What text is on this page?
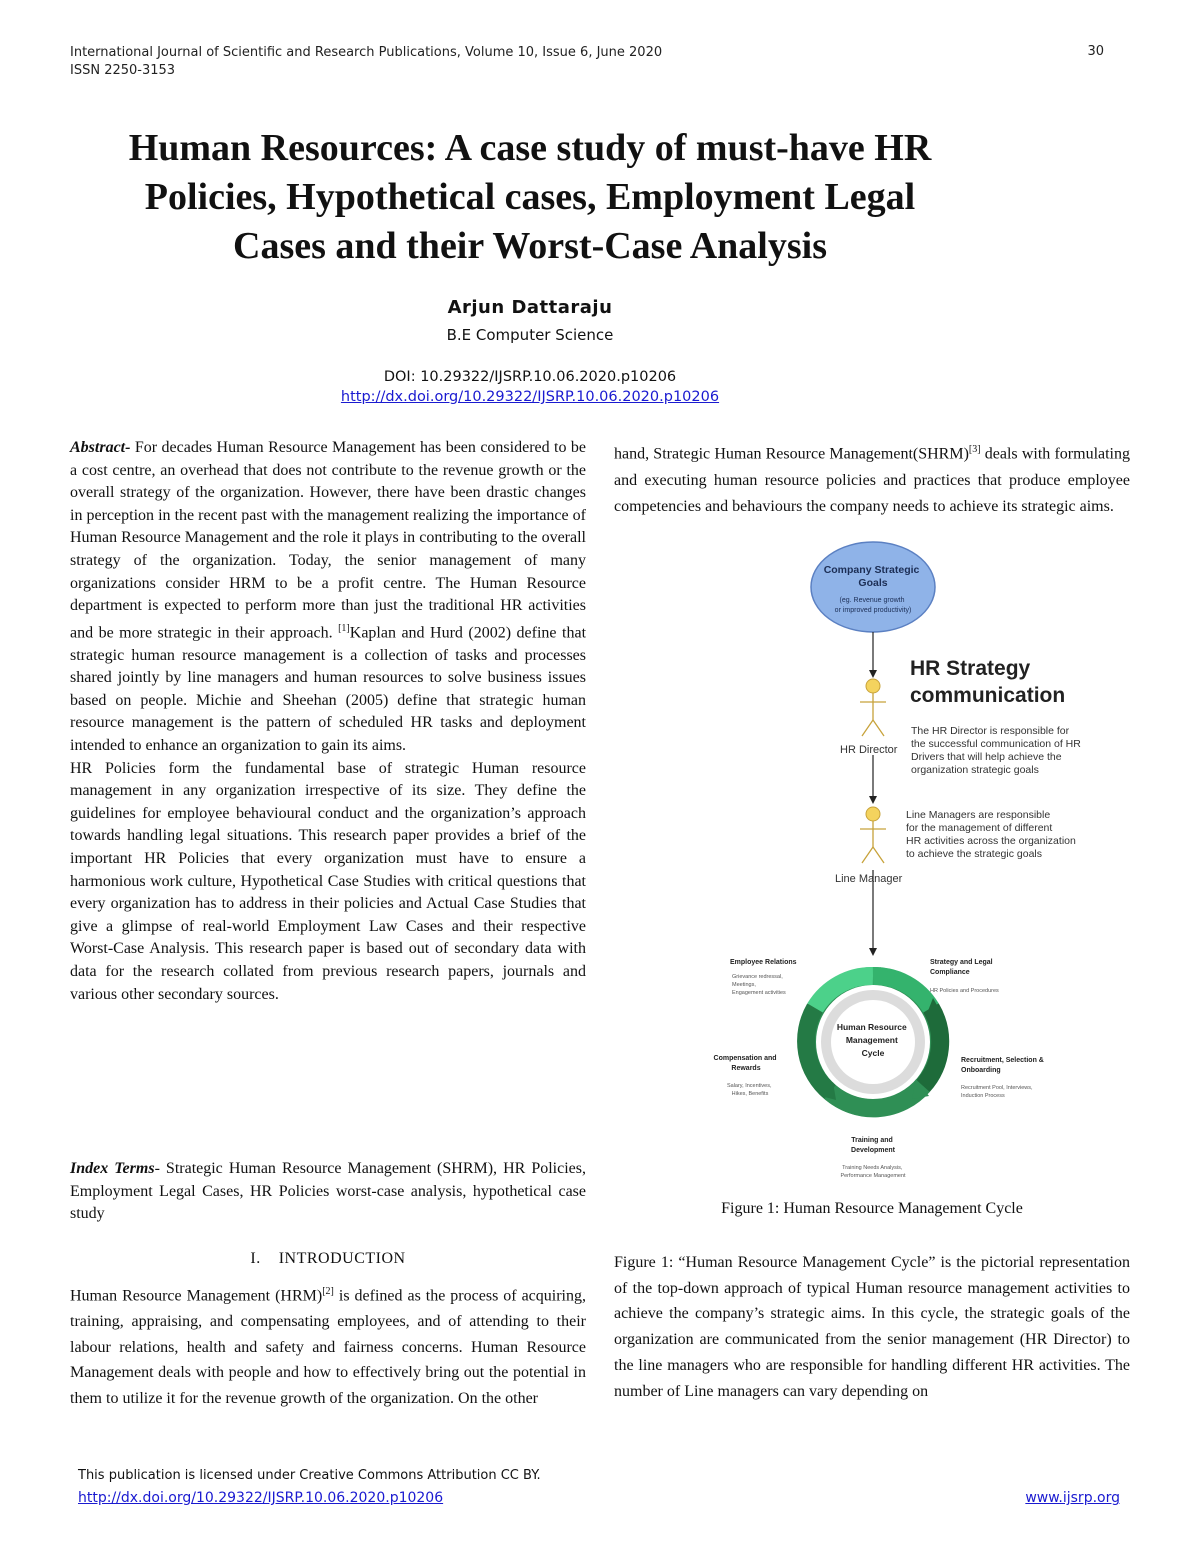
International Journal of Scientific and Research Publications, Volume 10, Issue 6, June 2020
ISSN 2250-3153
30
Human Resources: A case study of must-have HR
Policies, Hypothetical cases, Employment Legal
Cases and their Worst-Case Analysis
Arjun Dattaraju
B.E Computer Science
DOI: 10.29322/IJSRP.10.06.2020.p10206
http://dx.doi.org/10.29322/IJSRP.10.06.2020.p10206

Abstract- For decades Human Resource Management has been considered to be a cost centre, an overhead that does not contribute to the revenue growth or the overall strategy of the organization. However, there have been drastic changes in perception in the recent past with the management realizing the importance of Human Resource Management and the role it plays in contributing to the overall strategy of the organization. Today, the senior management of many organizations consider HRM to be a profit centre. The Human Resource department is expected to perform more than just the traditional HR activities and be more strategic in their approach. [1]Kaplan and Hurd (2002) define that strategic human resource management is a collection of tasks and processes shared jointly by line managers and human resources to solve business issues based on people. Michie and Sheehan (2005) define that strategic human resource management is the pattern of scheduled HR tasks and deployment intended to enhance an organization to gain its aims.

HR Policies form the fundamental base of strategic Human resource management in any organization irrespective of its size. They define the guidelines for employee behavioural conduct and the organization’s approach towards handling legal situations. This research paper provides a brief of the important HR Policies that every organization must have to ensure a harmonious work culture, Hypothetical Case Studies with critical questions that every organization has to address in their policies and Actual Case Studies that give a glimpse of real-world Employment Law Cases and their respective Worst-Case Analysis. This research paper is based out of secondary data with data for the research collated from previous research papers, journals and various other secondary sources.

Index Terms- Strategic Human Resource Management (SHRM), HR Policies, Employment Legal Cases, HR Policies worst-case analysis, hypothetical case study

I. INTRODUCTION

Human Resource Management (HRM)[2] is defined as the process of acquiring, training, appraising, and compensating employees, and of attending to their labour relations, health and safety and fairness concerns. Human Resource Management deals with people and how to effectively bring out the potential in them to utilize it for the revenue growth of the organization. On the other

hand, Strategic Human Resource Management(SHRM)[3] deals with formulating and executing human resource policies and practices that produce employee competencies and behaviours the company needs to achieve its strategic aims.

Company Strategic Goals
(eg. Revenue growth or improved productivity)
HR Director
HR Strategy
communication
The HR Director is responsible for the successful communication of HR Drivers that will help achieve the organization strategic goals
Line Manager
Line Managers are responsible for the management of different HR activities across the organization to achieve the strategic goals
Human Resource Management Cycle
Employee Relations
Grievance redressal, Meetings, Engagement activities
Strategy and Legal Compliance
HR Policies and Procedures
Recruitment, Selection & Onboarding
Recruitment Pool, Interviews, Induction Process
Training and Development
Training Needs Analysis, Performance Management
Compensation and Rewards
Salary, Incentives, Hikes, Benefits
Figure 1: Human Resource Management Cycle
Figure 1: “Human Resource Management Cycle” is the pictorial representation of the top-down approach of typical Human resource management activities to achieve the company’s strategic aims. In this cycle, the strategic goals of the organization are communicated from the senior management (HR Director) to the line managers who are responsible for handling different HR activities. The number of Line managers can vary depending on
This publication is licensed under Creative Commons Attribution CC BY.
http://dx.doi.org/10.29322/IJSRP.10.06.2020.p10206	www.ijsrp.org
